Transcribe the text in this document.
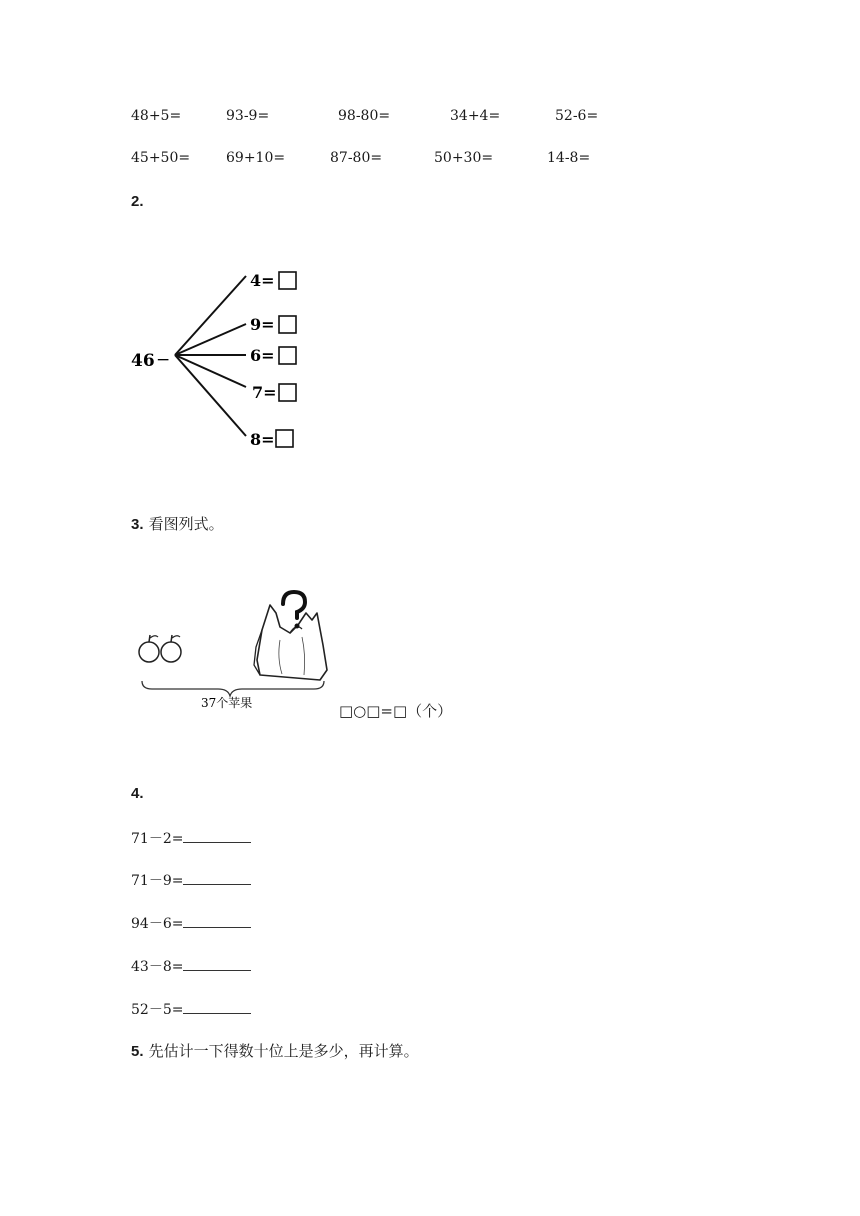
48+5=	93-9=	98-80=	34+4=	52-6=
45+50=	69+10=	87-80=	50+30=	14-8=
2.
46 −
4=
9=
6=
7=
8=
3. 看图列式。
37个苹果	□○□=□（个）
4.
71－2=
71－9=
94－6=
43－8=
52－5=
5. 先估计一下得数十位上是多少，再计算。
